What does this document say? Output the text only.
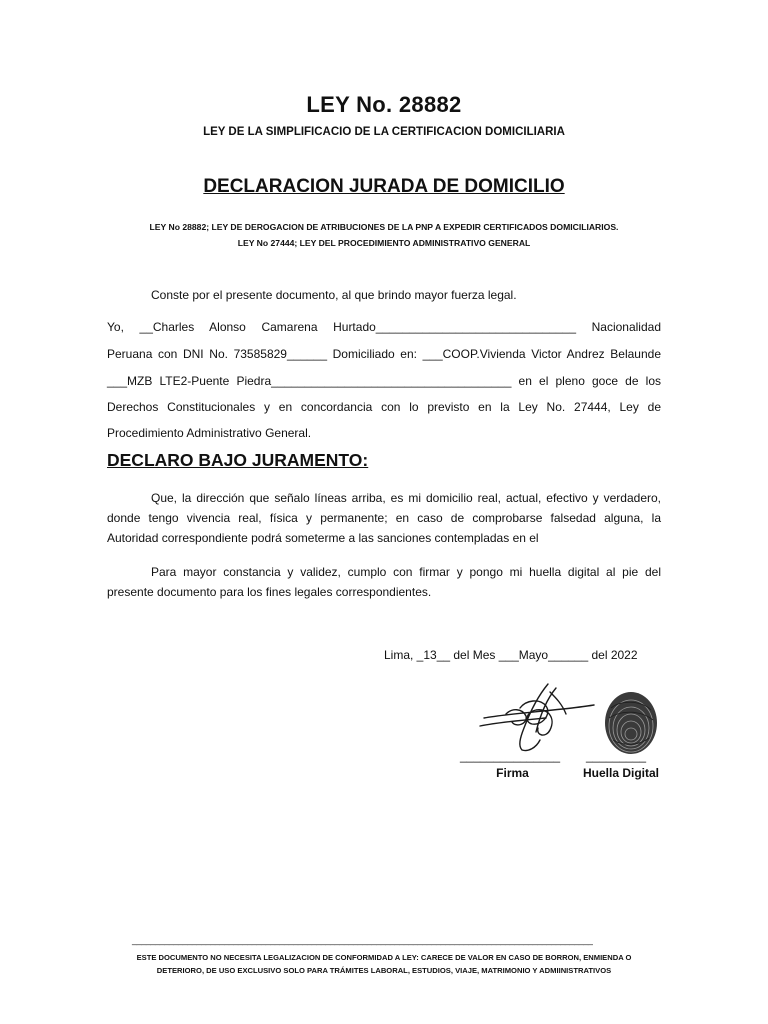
LEY No. 28882
LEY DE LA SIMPLIFICACIO DE LA CERTIFICACION DOMICILIARIA
DECLARACION JURADA DE DOMICILIO
LEY No 28882; LEY DE DEROGACION DE ATRIBUCIONES DE LA PNP A EXPEDIR CERTIFICADOS DOMICILIARIOS.
LEY No 27444; LEY DEL PROCEDIMIENTO ADMINISTRATIVO GENERAL
Conste por el presente documento, al que brindo mayor fuerza legal.
Yo, __Charles Alonso Camarena Hurtado______________________________ Nacionalidad
Peruana con DNI No. 73585829______ Domiciliado en: ___COOP.Vivienda Victor Andrez Belaunde
___MZB LTE2-Puente Piedra____________________________________ en el pleno goce de los
Derechos Constitucionales y en concordancia con lo previsto en la Ley No. 27444, Ley de
Procedimiento Administrativo General.
DECLARO BAJO JURAMENTO:
Que, la dirección que señalo líneas arriba, es mi domicilio real, actual, efectivo y verdadero,
donde tengo vivencia real, física y permanente; en caso de comprobarse falsedad alguna, la
Autoridad correspondiente podrá someterme a las sanciones contempladas en el
Para mayor constancia y validez, cumplo con firmar y pongo mi huella digital al pie del
presente documento para los fines legales correspondientes.
Lima, _13__ del Mes ___Mayo______ del 2022
_______________ _________
Firma	Huella Digital
____________________________________________________________________________________________________
ESTE DOCUMENTO NO NECESITA LEGALIZACION DE CONFORMIDAD A LEY: CARECE DE VALOR EN CASO DE BORRON, ENMIENDA O
DETERIORO, DE USO EXCLUSIVO SOLO PARA TRÁMITES LABORAL, ESTUDIOS, VIAJE, MATRIMONIO Y ADMIINISTRATIVOS
